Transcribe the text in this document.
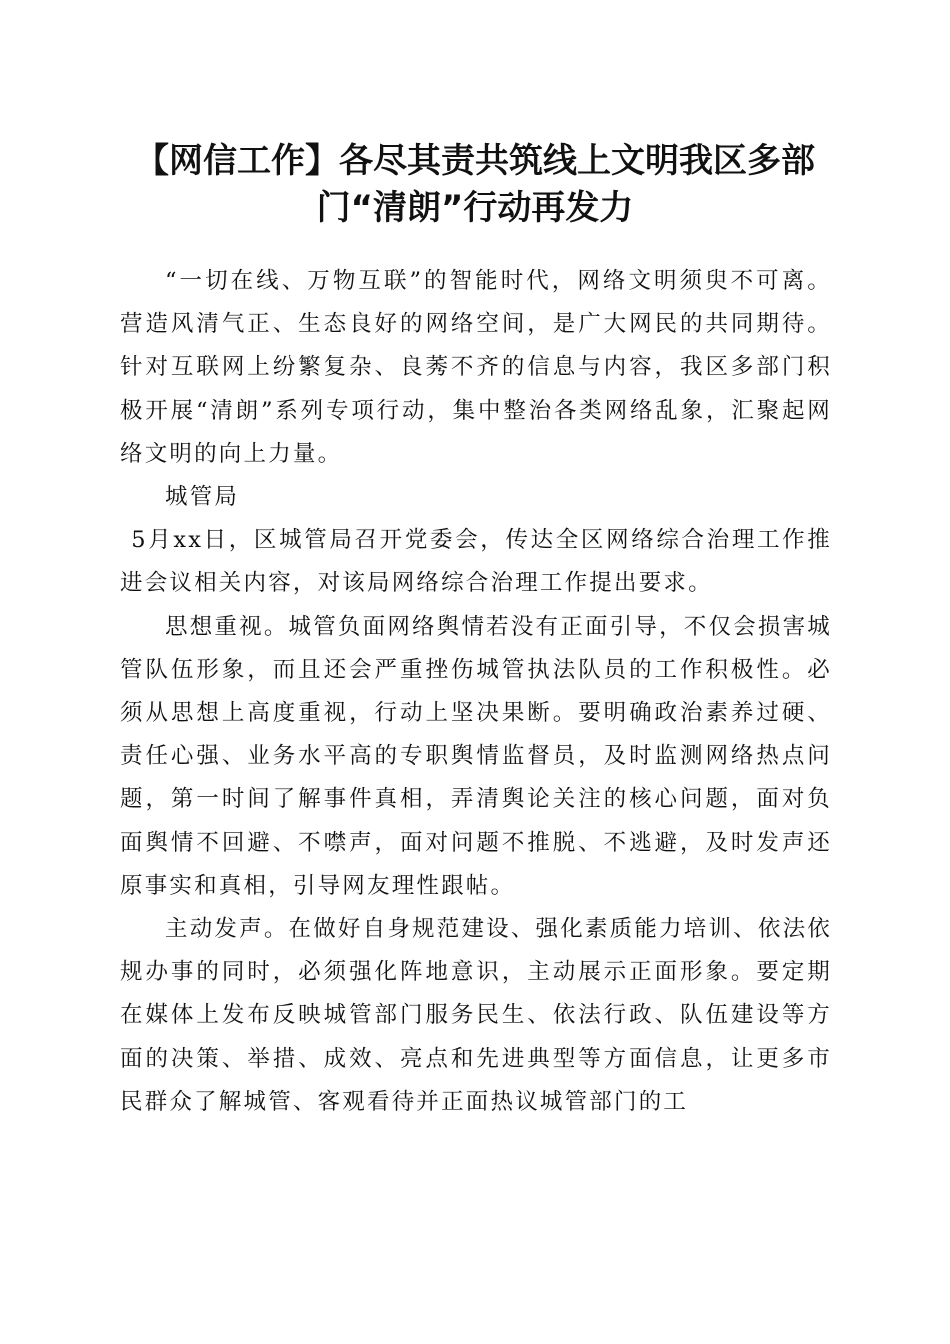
【网信工作】各尽其责共筑线上文明我区多部门“清朗”行动再发力

“一切在线、万物互联”的智能时代，网络文明须臾不可离。营造风清气正、生态良好的网络空间，是广大网民的共同期待。针对互联网上纷繁复杂、良莠不齐的信息与内容，我区多部门积极开展“清朗”系列专项行动，集中整治各类网络乱象，汇聚起网络文明的向上力量。

城管局

5月xx日，区城管局召开党委会，传达全区网络综合治理工作推进会议相关内容，对该局网络综合治理工作提出要求。

思想重视。城管负面网络舆情若没有正面引导，不仅会损害城管队伍形象，而且还会严重挫伤城管执法队员的工作积极性。必须从思想上高度重视，行动上坚决果断。要明确政治素养过硬、责任心强、业务水平高的专职舆情监督员，及时监测网络热点问题，第一时间了解事件真相，弄清舆论关注的核心问题，面对负面舆情不回避、不噤声，面对问题不推脱、不逃避，及时发声还原事实和真相，引导网友理性跟帖。

主动发声。在做好自身规范建设、强化素质能力培训、依法依规办事的同时，必须强化阵地意识，主动展示正面形象。要定期在媒体上发布反映城管部门服务民生、依法行政、队伍建设等方面的决策、举措、成效、亮点和先进典型等方面信息，让更多市民群众了解城管、客观看待并正面热议城管部门的工
